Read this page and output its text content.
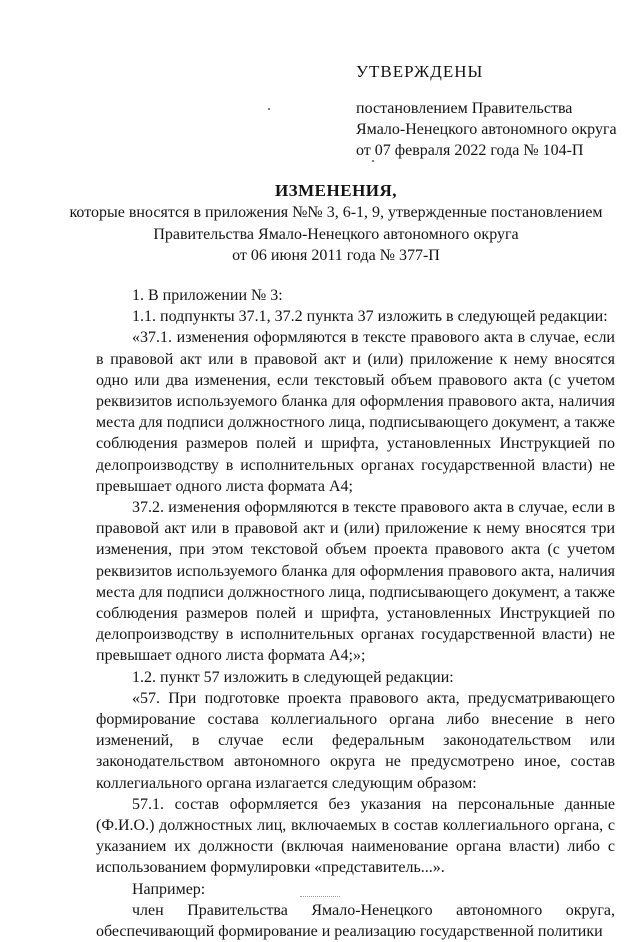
УТВЕРЖДЕНЫ

постановлением Правительства

Ямало-Ненецкого автономного округа

от 07 февраля 2022 года № 104-П

ИЗМЕНЕНИЯ,

которые вносятся в приложения №№ 3, 6-1, 9, утвержденные постановлением

Правительства Ямало-Ненецкого автономного округа

от 06 июня 2011 года № 377-П

1. В приложении № 3:

1.1. подпункты 37.1, 37.2 пункта 37 изложить в следующей редакции:

«37.1. изменения оформляются в тексте правового акта в случае, если в правовой акт или в правовой акт и (или) приложение к нему вносятся одно или два изменения, если текстовый объем правового акта (с учетом реквизитов используемого бланка для оформления правового акта, наличия места для подписи должностного лица, подписывающего документ, а также соблюдения размеров полей и шрифта, установленных Инструкцией по делопроизводству в исполнительных органах государственной власти) не превышает одного листа формата А4;

37.2. изменения оформляются в тексте правового акта в случае, если в правовой акт или в правовой акт и (или) приложение к нему вносятся три изменения, при этом текстовой объем проекта правового акта (с учетом реквизитов используемого бланка для оформления правового акта, наличия места для подписи должностного лица, подписывающего документ, а также соблюдения размеров полей и шрифта, установленных Инструкцией по делопроизводству в исполнительных органах государственной власти) не превышает одного листа формата А4;»;

1.2. пункт 57 изложить в следующей редакции:

«57. При подготовке проекта правового акта, предусматривающего формирование состава коллегиального органа либо внесение в него изменений, в случае если федеральным законодательством или законодательством автономного округа не предусмотрено иное, состав коллегиального органа излагается следующим образом:

57.1. состав оформляется без указания на персональные данные (Ф.И.О.) должностных лиц, включаемых в состав коллегиального органа, с указанием их должности (включая наименование органа власти) либо с использованием формулировки «представитель...».

Например:

член Правительства Ямало-Ненецкого автономного округа, обеспечивающий формирование и реализацию государственной политики
